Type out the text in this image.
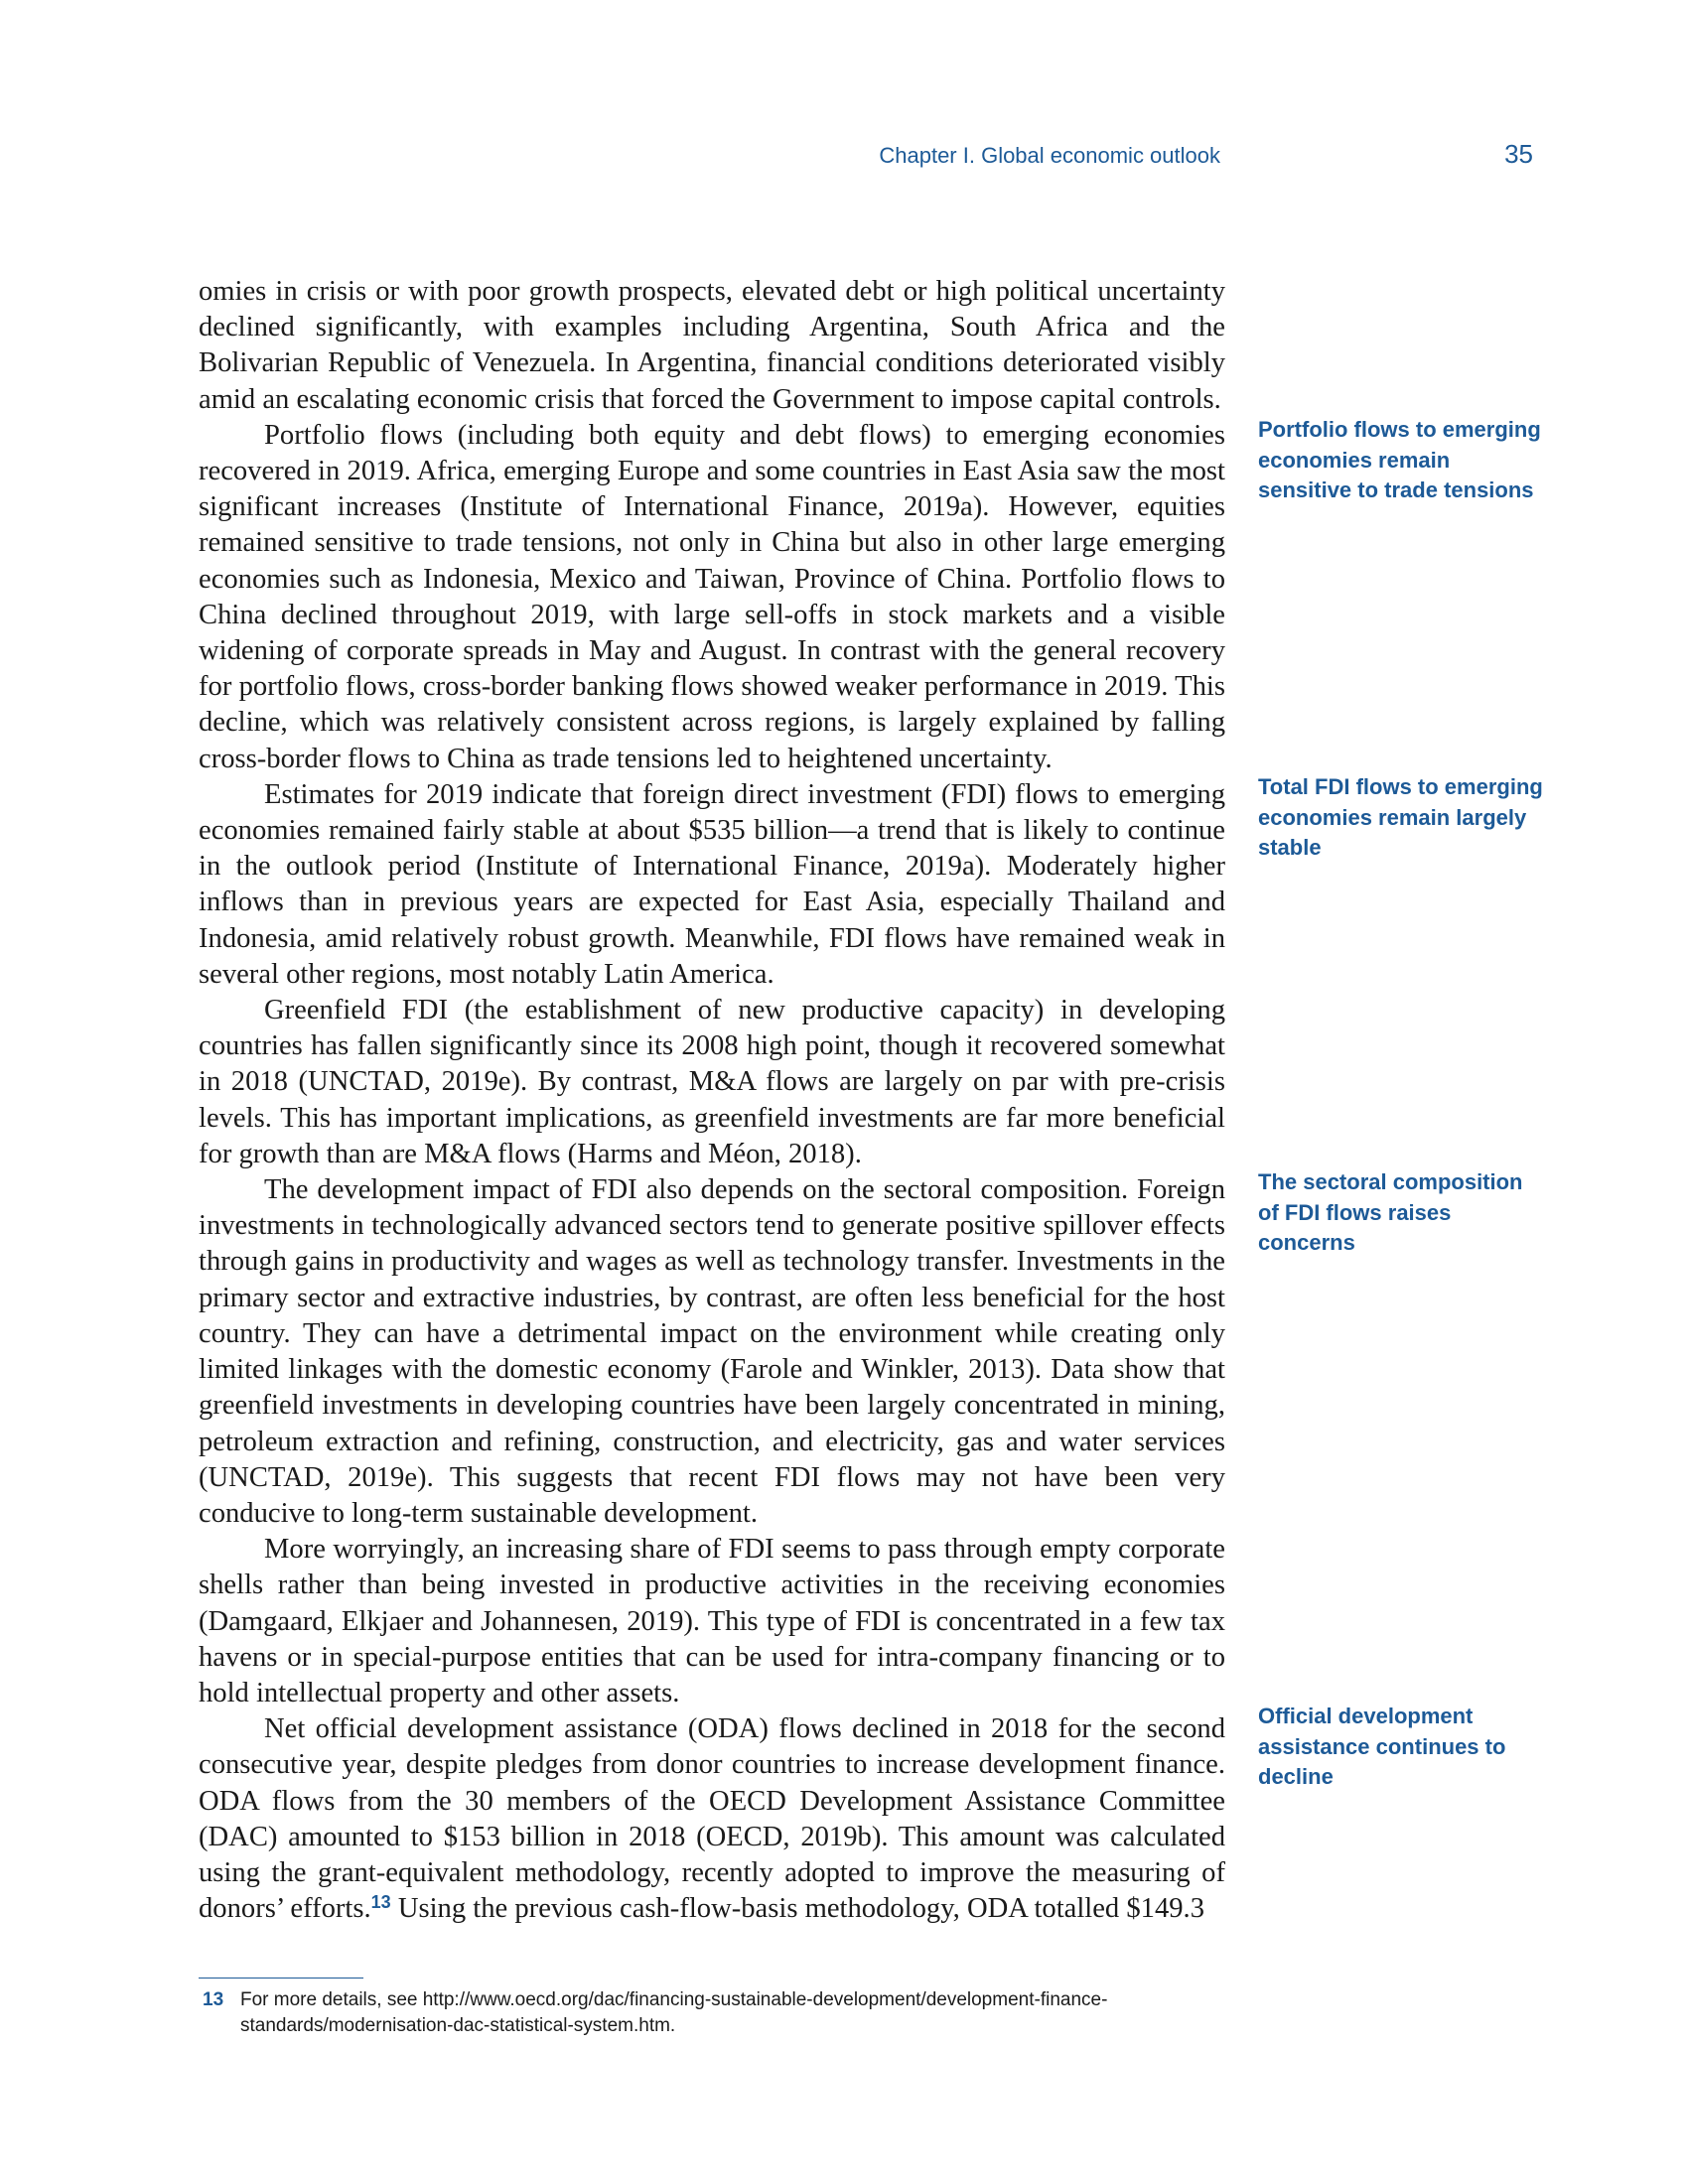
Chapter I. Global economic outlook	35

omies in crisis or with poor growth prospects, elevated debt or high political uncertainty declined significantly, with examples including Argentina, South Africa and the Bolivarian Republic of Venezuela. In Argentina, financial conditions deteriorated visibly amid an escalating economic crisis that forced the Government to impose capital controls.

Portfolio flows (including both equity and debt flows) to emerging economies recovered in 2019. Africa, emerging Europe and some countries in East Asia saw the most significant increases (Institute of International Finance, 2019a). However, equities remained sensitive to trade tensions, not only in China but also in other large emerging economies such as Indonesia, Mexico and Taiwan, Province of China. Portfolio flows to China declined throughout 2019, with large sell-offs in stock markets and a visible widening of corporate spreads in May and August. In contrast with the general recovery for portfolio flows, cross-border banking flows showed weaker performance in 2019. This decline, which was relatively consistent across regions, is largely explained by falling cross-border flows to China as trade tensions led to heightened uncertainty.

Estimates for 2019 indicate that foreign direct investment (FDI) flows to emerging economies remained fairly stable at about $535 billion—a trend that is likely to continue in the outlook period (Institute of International Finance, 2019a). Moderately higher inflows than in previous years are expected for East Asia, especially Thailand and Indonesia, amid relatively robust growth. Meanwhile, FDI flows have remained weak in several other regions, most notably Latin America.

Greenfield FDI (the establishment of new productive capacity) in developing countries has fallen significantly since its 2008 high point, though it recovered somewhat in 2018 (UNCTAD, 2019e). By contrast, M&A flows are largely on par with pre-crisis levels. This has important implications, as greenfield investments are far more beneficial for growth than are M&A flows (Harms and Méon, 2018).

The development impact of FDI also depends on the sectoral composition. Foreign investments in technologically advanced sectors tend to generate positive spillover effects through gains in productivity and wages as well as technology transfer. Investments in the primary sector and extractive industries, by contrast, are often less beneficial for the host country. They can have a detrimental impact on the environment while creating only limited linkages with the domestic economy (Farole and Winkler, 2013). Data show that greenfield investments in developing countries have been largely concentrated in mining, petroleum extraction and refining, construction, and electricity, gas and water services (UNCTAD, 2019e). This suggests that recent FDI flows may not have been very conducive to long-term sustainable development.

More worryingly, an increasing share of FDI seems to pass through empty corporate shells rather than being invested in productive activities in the receiving economies (Damgaard, Elkjaer and Johannesen, 2019). This type of FDI is concentrated in a few tax havens or in special-purpose entities that can be used for intra-company financing or to hold intellectual property and other assets.

Net official development assistance (ODA) flows declined in 2018 for the second consecutive year, despite pledges from donor countries to increase development finance. ODA flows from the 30 members of the OECD Development Assistance Committee (DAC) amounted to $153 billion in 2018 (OECD, 2019b). This amount was calculated using the grant-equivalent methodology, recently adopted to improve the measuring of donors’ efforts.$^{13}$ Using the previous cash-flow-basis methodology, ODA totalled $149.3

Portfolio flows to emerging economies remain sensitive to trade tensions
Total FDI flows to emerging economies remain largely stable
The sectoral composition of FDI flows raises concerns
Official development assistance continues to decline
13 For more details, see http://www.oecd.org/dac/financing-sustainable-development/development-finance-standards/modernisation-dac-statistical-system.htm.
